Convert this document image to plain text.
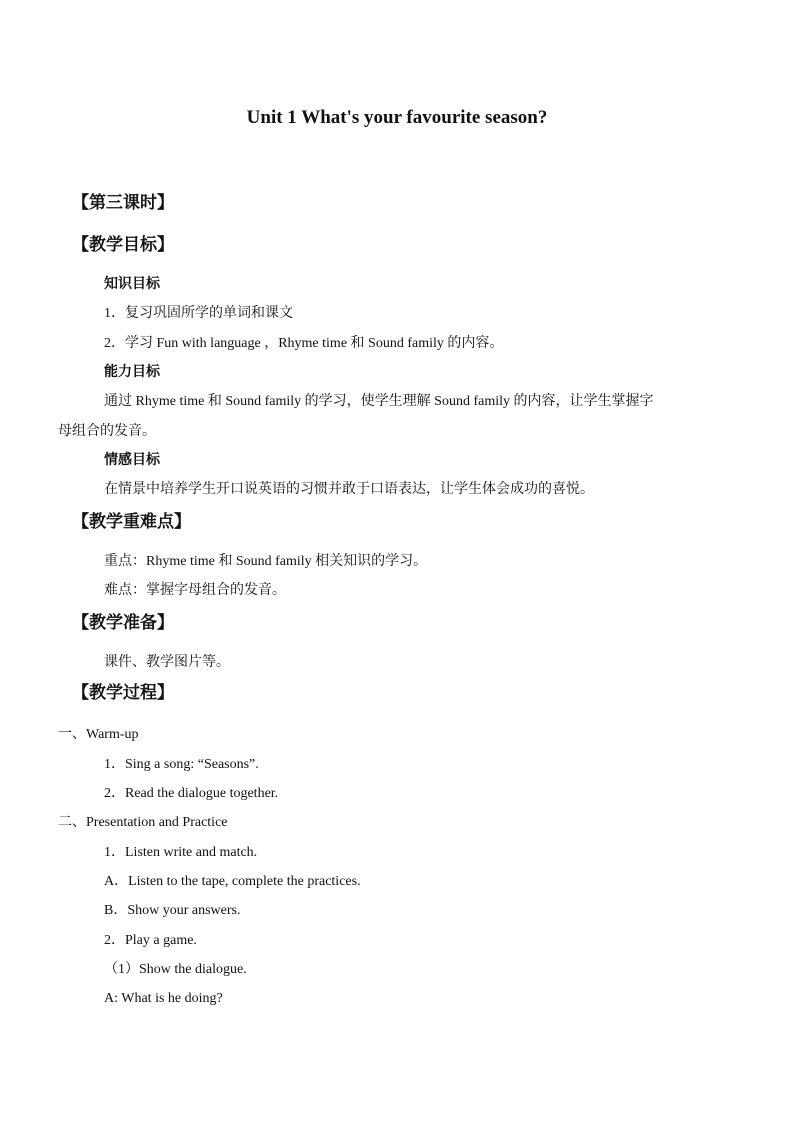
Unit 1 What's your favourite season?
【第三课时】
【教学目标】
知识目标
1．复习巩固所学的单词和课文
2．学习 Fun with language ，Rhyme time 和 Sound family 的内容。
能力目标
通过 Rhyme time 和 Sound family 的学习，使学生理解 Sound family 的内容，让学生掌握字
母组合的发音。
情感目标
在情景中培养学生开口说英语的习惯并敢于口语表达，让学生体会成功的喜悦。
【教学重难点】
重点：Rhyme time 和 Sound family 相关知识的学习。
难点：掌握字母组合的发音。
【教学准备】
课件、教学图片等。
【教学过程】
一、Warm-up
1．Sing a song: “Seasons”.
2．Read the dialogue together.
二、Presentation and Practice
1．Listen write and match.
A．Listen to the tape, complete the practices.
B．Show your answers.
2．Play a game.
（1）Show the dialogue.
A: What is he doing?
